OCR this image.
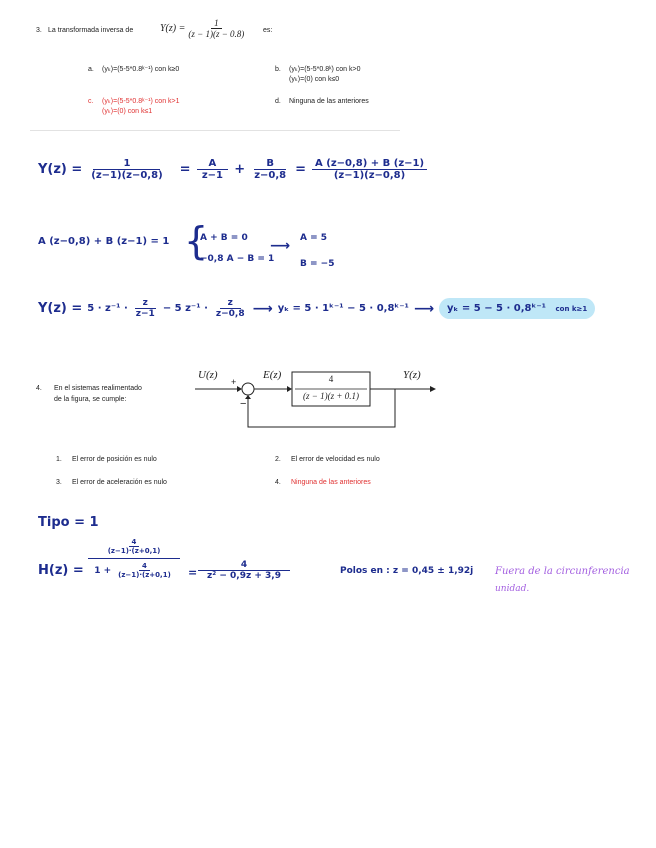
3. La transformada inversa de	$Y(z) = \frac{1}{(z - 1)(z - 0.8)}$ es:
a. (yₖ)=(5-5*0.8ᵏ⁻¹) con k≥0	b. (yₖ)=(5-5*0.8ᵏ) con k>0
(yₖ)=(0) con k≤0
c. (yₖ)=(5-5*0.8ᵏ⁻¹) con k>1
(yₖ)=(0) con k≤1
d. Ninguna de las anteriores
$Y(z) = \frac{1}{(z-1)(z-0,8)} = \frac{A}{z-1} + \frac{B}{z-0,8} = \frac{A (z-0,8) + B (z-1)}{(z-1)(z-0,8)}$
A (z−0,8) + B (z−1) = 1 {
A + B = 0
−0,8 A − B = 1
⟶ A = 5
B = −5
$Y(z) = 5 \cdot z^{-1} \cdot \frac{z}{z-1} - 5$ $z^{-1} \cdot \frac{z}{z-0,8}$ ⟶ yₖ = 5 · 1ᵏ⁻¹ − 5 · 0,8ᵏ⁻¹ ⟶	yₖ = 5 − 5 · 0,8ᵏ⁻¹ con k≥1
4. En el sistemas realimentado
de la figura, se cumple:
U(z)
+
−
E(z)	4
(z − 1)(z + 0.1)
Y(z)
1. El error de posición es nulo	2. El error de velocidad es nulo
3. El error de aceleración es nulo	4. Ninguna de las anteriores
Tipo = 1
H(z) =
$\frac{4}{(z-1)\cdot(z+0,1)}$
$1 + \frac{4}{(z-1)\cdot(z+0,1)} = \frac{4}{\text{z² − 0,9z + 3,9}}$	Polos en : z = 0,45 ± 1,92j Fuera de la circunferencia
unidad.
